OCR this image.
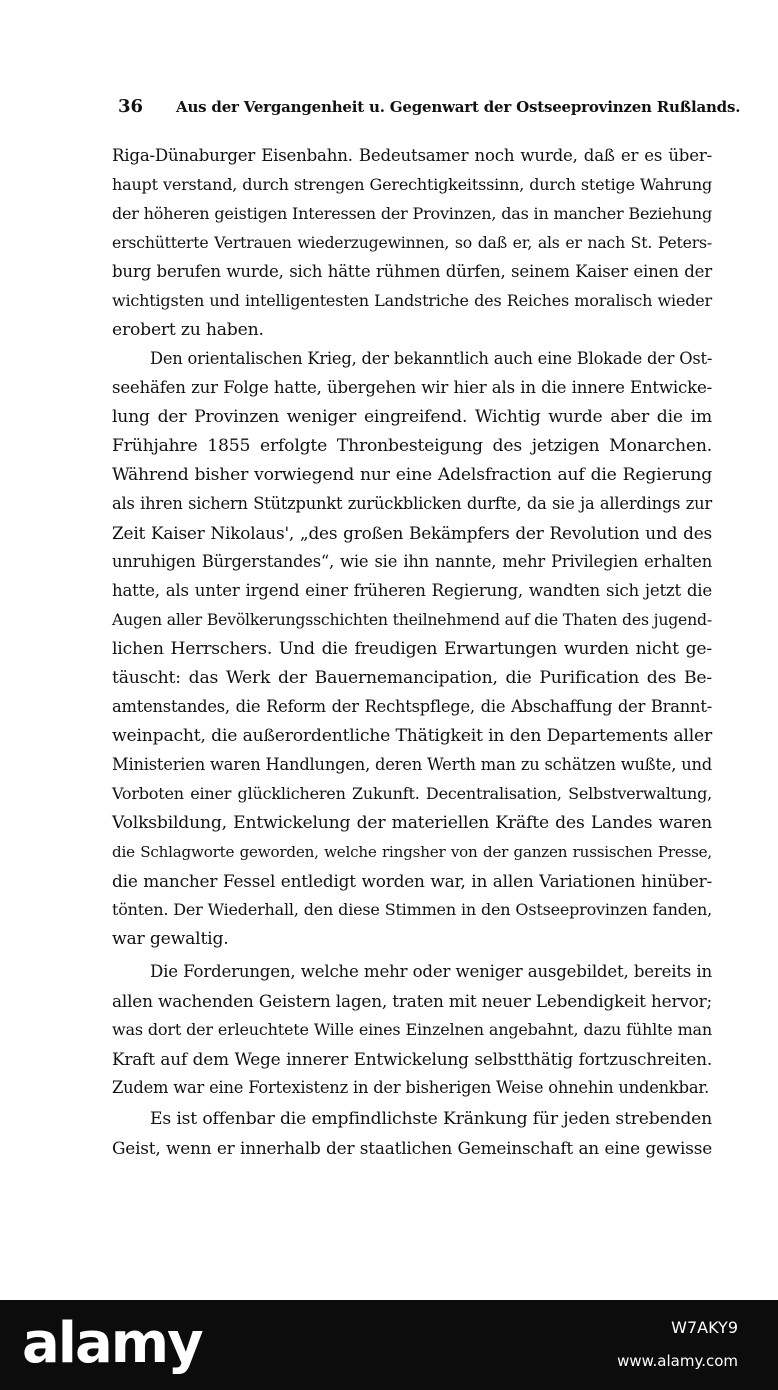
36 Aus der Vergangenheit u. Gegenwart der Ostseeprovinzen Rußlands.
Riga-Dünaburger Eisenbahn. Bedeutsamer noch wurde, daß er es über-
haupt verstand, durch strengen Gerechtigkeitssinn, durch stetige Wahrung
der höheren geistigen Interessen der Provinzen, das in mancher Beziehung
erschütterte Vertrauen wiederzugewinnen, so daß er, als er nach St. Peters-
burg berufen wurde, sich hätte rühmen dürfen, seinem Kaiser einen der
wichtigsten und intelligentesten Landstriche des Reiches moralisch wieder
erobert zu haben.
Den orientalischen Krieg, der bekanntlich auch eine Blokade der Ost-
seehäfen zur Folge hatte, übergehen wir hier als in die innere Entwicke-
lung der Provinzen weniger eingreifend. Wichtig wurde aber die im
Frühjahre 1855 erfolgte Thronbesteigung des jetzigen Monarchen.
Während bisher vorwiegend nur eine Adelsfraction auf die Regierung
als ihren sichern Stützpunkt zurückblicken durfte, da sie ja allerdings zur
Zeit Kaiser Nikolaus', „des großen Bekämpfers der Revolution und des
unruhigen Bürgerstandes“, wie sie ihn nannte, mehr Privilegien erhalten
hatte, als unter irgend einer früheren Regierung, wandten sich jetzt die
Augen aller Bevölkerungsschichten theilnehmend auf die Thaten des jugend-
lichen Herrschers. Und die freudigen Erwartungen wurden nicht ge-
täuscht: das Werk der Bauernemancipation, die Purification des Be-
amtenstandes, die Reform der Rechtspflege, die Abschaffung der Brannt-
weinpacht, die außerordentliche Thätigkeit in den Departements aller
Ministerien waren Handlungen, deren Werth man zu schätzen wußte, und
Vorboten einer glücklicheren Zukunft. Decentralisation, Selbstverwaltung,
Volksbildung, Entwickelung der materiellen Kräfte des Landes waren
die Schlagworte geworden, welche ringsher von der ganzen russischen Presse,
die mancher Fessel entledigt worden war, in allen Variationen hinüber-
tönten. Der Wiederhall, den diese Stimmen in den Ostseeprovinzen fanden,
war gewaltig.
Die Forderungen, welche mehr oder weniger ausgebildet, bereits in
allen wachenden Geistern lagen, traten mit neuer Lebendigkeit hervor;
was dort der erleuchtete Wille eines Einzelnen angebahnt, dazu fühlte man
Kraft auf dem Wege innerer Entwickelung selbstthätig fortzuschreiten.
Zudem war eine Fortexistenz in der bisherigen Weise ohnehin undenkbar.
Es ist offenbar die empfindlichste Kränkung für jeden strebenden
Geist, wenn er innerhalb der staatlichen Gemeinschaft an eine gewisse
alamy	W7AKY9
www.alamy.com
